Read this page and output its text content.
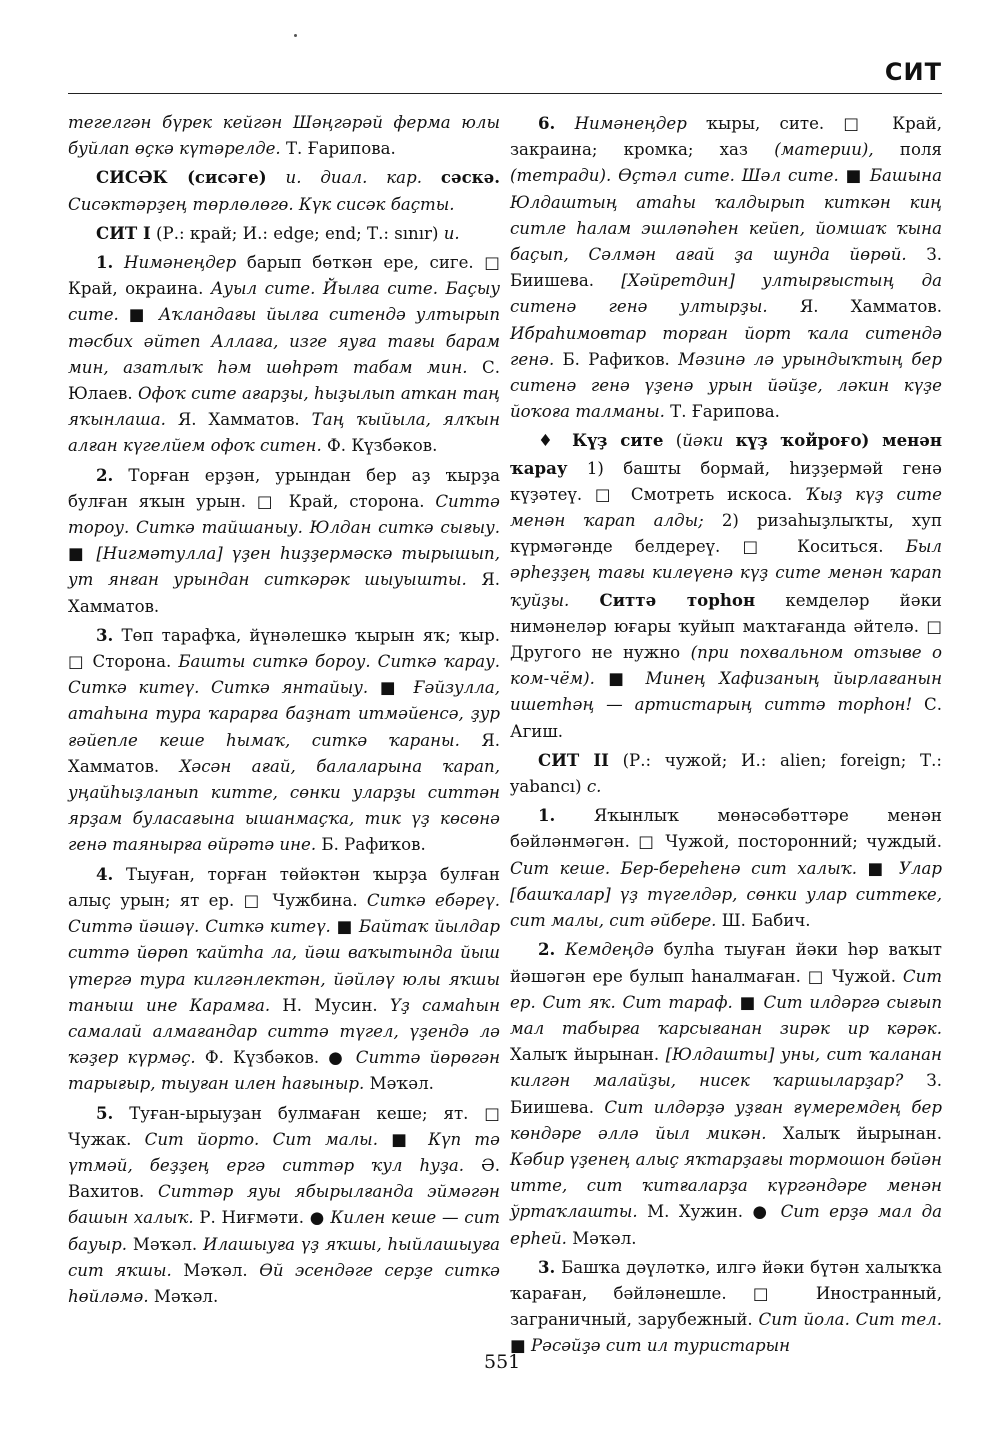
СИТ

тегелгән бүрек кейгән Шәңгәрәй ферма юлы буйлап өçкә күтәрелде. Т. Ғарипова.

СИСӘК (сисәге) и. диал. кар. сәскә. Сисәктәрҙең төрлөлөгө. Күк сисәк баçты.

СИТ I (Р.: край; И.: edge; end; Т.: sınır) и.

1. Нимәнеңдер барып бөткән ере, сиге. □ Край, окраина. Ауыл ситe. Йылға ситe. Баçыу ситe. ■ Аҡландағы йылға ситендә ултырып тәсбих әйтеп Аллаға, изге яуға тағы барам мин, азатлыҡ һәм шөһрәт табам мин. С. Юлаев. Офоҡ ситe ағарҙы, һыҙылып аткан таң яҡынлаша. Я. Хамматов. Таң ҡыйыла, ялҡын алған күгелйем офоҡ ситен. Ф. Күзбәков.

2. Торған ерҙән, урындан бер аҙ ҡырҙа булған яҡын урын. □ Край, сторона. Ситтә тороу. Ситкә тайшаныу. Юлдан ситкә сығыу. ■ [Нигмәтулла] үҙен һиҙҙермәскә тырышып, ут янған урындан ситкәрәк шыуышты. Я. Хамматов.

3. Төп тарафҡа, йүнәлешкә ҡырын яҡ; ҡыр. □ Сторона. Башты ситкә бороу. Ситкә ҡарау. Ситкә китеү. Ситкә янтайыу. ■ Ғәйзулла, атаһына тура ҡарарға баҙнат итмәйенсә, ҙур ғәйепле кеше һымаҡ, ситкә ҡараны. Я. Хамматов. Хәсән ағай, балаларына ҡарап, уңайһыҙланып китте, сөнки уларҙы ситтән ярҙам буласағына ышанмаçҡа, тик үҙ көсөнә генә таянырға өйрәтә ине. Б. Рафиҡов.

4. Тыуған, торған төйәктән ҡырҙа булған алыç урын; ят ер. □ Чужбина. Ситкә ебәреү. Ситтә йәшәү. Ситкә китеү. ■ Байтаҡ йылдар ситтә йөрөп ҡайтһа ла, йәш ваҡытында йыш үтергә тура килгәнлектән, йәйләү юлы яҡшы таныш ине Карамға. Н. Мусин. Үҙ самаһын самалай алмағандар ситтә түгел, үҙендә лә ҡәҙер күрмәç. Ф. Күзбәков. ● Ситтә йөрөгән тарығыр, тыуған илен һағыныр. Мәҡәл.

5. Туған-ырыуҙан булмаған кеше; ят. □ Чужак. Сит йорто. Сит малы. ■ Күп тә үтмәй, беҙҙең ергә ситтәр ҡул һуҙа. Ә. Вахитов. Ситтәр яуы ябырылғанда эймәгән башын халыҡ. Р. Ниғмәти. ● Килен кеше — сит бауыр. Мәҡәл. Илашыуға үҙ яҡшы, һыйлашыуға сит яҡшы. Мәҡәл. Өй эсендәге серҙе ситкә һөйләмә. Мәҡәл.

6. Нимәнеңдер ҡыры, ситe. □ Край, закраина; кромка; хаз (материи), поля (тетради). Өçтәл ситe. Шәл ситe. ■ Башына Юлдаштың атаһы ҡалдырып киткән киң ситле һалам эшләпәһен кейеп, йомшаҡ ҡына баçып, Сәлмән ағай ҙа шунда йөрөй. З. Биишева. [Хәйретдин] ултырғыстың да ситенә генә ултырҙы. Я. Хамматов. Ибраһимовтар торған йорт ҡала ситендә генә. Б. Рафиҡов. Мәзинә лә урындыҡтың бер ситенә генә үҙенә урын йәйҙе, ләкин күҙе йоҡоға талманы. Т. Ғарипова.

♦ Күҙ ситe (йәки күҙ ҡойроғо) менән ҡарау 1) башты бормай, һиҙҙермәй генә күҙәтеү. □ Смотреть искоса. Ҡыҙ күҙ ситe менән ҡарап алды; 2) ризаһыҙлыҡты, хуп күрмәгәнде белдереү. □ Коситься. Был әрһеҙҙең тағы килеүенә күҙ ситe менән ҡарап ҡуйҙы. Ситтә торһон кемделәр йәки нимәнеләр юғары ҡуйып маҡтағанда әйтелә. □ Другого не нужно (при похвальном отзыве о ком-чём). ■ Минең Хафизаның йырлағанын ишетһәң — артистарың ситтә торһон! С. Агиш.

СИТ II (Р.: чужой; И.: alien; foreign; Т.: yabancı) с.

1. Яҡынлыҡ мөнәсәбәттәре менән бәйләнмәгән. □ Чужой, посторонний; чуждый. Сит кеше. Бер-береһенә сит халыҡ. ■ Улар [башҡалар] үҙ түгелдәр, сөнки улар ситтеке, сит малы, сит әйбере. Ш. Бабич.

2. Кемдеңдә булһа тыуған йәки һәр ваҡыт йәшәгән ере булып һаналмаған. □ Чужой. Сит ер. Сит яҡ. Сит тараф. ■ Сит илдәргә сығып мал табырға ҡарсығанан зирәк ир кәрәк. Халыҡ йырынан. [Юлдашты] уны, сит ҡаланан килгән малайҙы, нисек ҡаршыларҙар? З. Биишева. Сит илдәрҙә уҙған ғүмеремдең бер көндәре әллә йыл микән. Халыҡ йырынан. Кәбир үҙенең алыç яҡтарҙағы тормошон бәйән итте, сит ҡитғаларҙа күргәндәре менән ўртаҡлашты. М. Хужин. ● Сит ерҙә мал да ерһей. Мәҡәл.

3. Башҡа дәүләткә, илгә йәки бүтән халыҡҡа ҡараған, бәйләнешле. □ Иностранный, заграничный, зарубежный. Сит йола. Сит тел. ■ Рәсәйҙә сит ил туристарын

551
